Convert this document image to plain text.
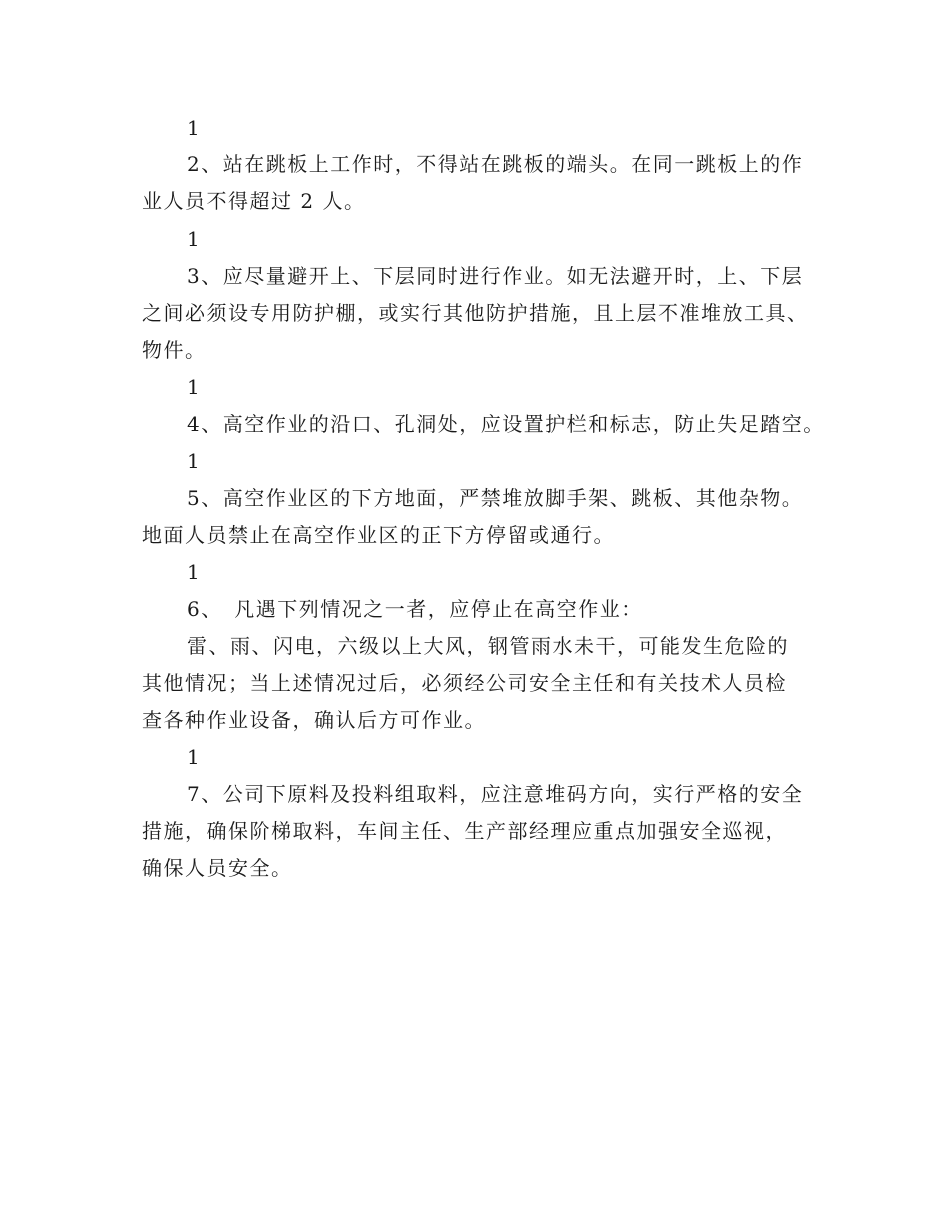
1
2、站在跳板上工作时，不得站在跳板的端头。在同一跳板上的作
业人员不得超过 2 人。
1
3、应尽量避开上、下层同时进行作业。如无法避开时，上、下层
之间必须设专用防护棚，或实行其他防护措施，且上层不准堆放工具、
物件。
1
4、高空作业的沿口、孔洞处，应设置护栏和标志，防止失足踏空。
1
5、高空作业区的下方地面，严禁堆放脚手架、跳板、其他杂物。
地面人员禁止在高空作业区的正下方停留或通行。
1
6、　凡遇下列情况之一者，应停止在高空作业：
雷、雨、闪电，六级以上大风，钢管雨水未干，可能发生危险的
其他情况；当上述情况过后，必须经公司安全主任和有关技术人员检
查各种作业设备，确认后方可作业。
1
7、公司下原料及投料组取料，应注意堆码方向，实行严格的安全
措施，确保阶梯取料，车间主任、生产部经理应重点加强安全巡视，
确保人员安全。
